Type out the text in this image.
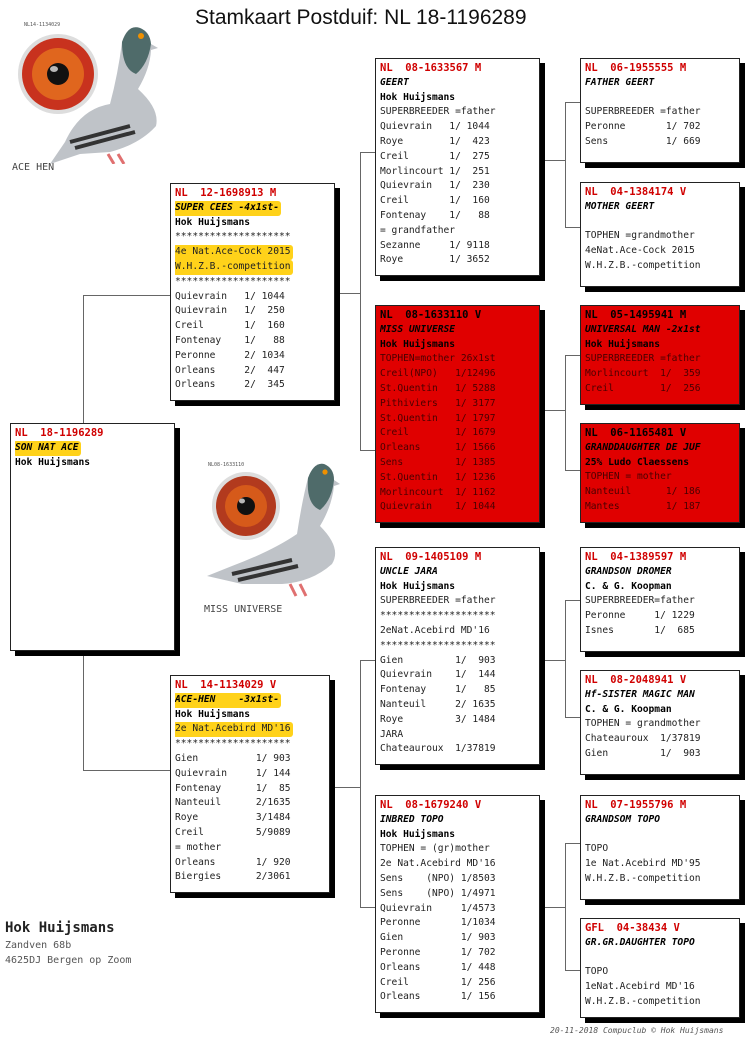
Stamkaart Postduif: NL 18-1196289
NL14-1134029
ACE HEN
NL08-1633110
MISS UNIVERSE
NL  18-1196289
SON NAT ACE
Hok Huijsmans
NL  12-1698913 M
SUPER CEES -4x1st-
Hok Huijsmans
********************
4e Nat.Ace-Cock 2015
W.H.Z.B.-competition
********************
Quievrain   1/ 1044
Quievrain   1/  250
Creil       1/  160
Fontenay    1/   88
Peronne     2/ 1034
Orleans     2/  447
Orleans     2/  345
NL  14-1134029 V
ACE-HEN    -3x1st-
Hok Huijsmans
2e Nat.Acebird MD'16
********************
Gien          1/ 903
Quievrain     1/ 144
Fontenay      1/  85
Nanteuil      2/1635
Roye          3/1484
Creil         5/9089
= mother
Orleans       1/ 920
Biergies      2/3061
NL  08-1633567 M
GEERT
Hok Huijsmans
SUPERBREEDER =father
Quievrain   1/ 1044
Roye        1/  423
Creil       1/  275
Morlincourt 1/  251
Quievrain   1/  230
Creil       1/  160
Fontenay    1/   88
= grandfather
Sezanne     1/ 9118
Roye        1/ 3652
NL  08-1633110 V
MISS UNIVERSE
Hok Huijsmans
TOPHEN=mother 26x1st
Creil(NPO)   1/12496
St.Quentin   1/ 5288
Pithiviers   1/ 3177
St.Quentin   1/ 1797
Creil        1/ 1679
Orleans      1/ 1566
Sens         1/ 1385
St.Quentin   1/ 1236
Morlincourt  1/ 1162
Quievrain    1/ 1044
NL  09-1405109 M
UNCLE JARA
Hok Huijsmans
SUPERBREEDER =father
********************
2eNat.Acebird MD'16
********************
Gien         1/  903
Quievrain    1/  144
Fontenay     1/   85
Nanteuil     2/ 1635
Roye         3/ 1484
JARA
Chateauroux  1/37819
NL  08-1679240 V
INBRED TOPO
Hok Huijsmans
TOPHEN = (gr)mother
2e Nat.Acebird MD'16
Sens    (NPO) 1/8503
Sens    (NPO) 1/4971
Quievrain     1/4573
Peronne       1/1034
Gien          1/ 903
Peronne       1/ 702
Orleans       1/ 448
Creil         1/ 256
Orleans       1/ 156
NL  06-1955555 M
FATHER GEERT

SUPERBREEDER =father
Peronne       1/ 702
Sens          1/ 669
NL  04-1384174 V
MOTHER GEERT

TOPHEN =grandmother
4eNat.Ace-Cock 2015
W.H.Z.B.-competition
NL  05-1495941 M
UNIVERSAL MAN -2x1st
Hok Huijsmans
SUPERBREEDER =father
Morlincourt  1/  359
Creil        1/  256
NL  06-1165481 V
GRANDDAUGHTER DE JUF
25% Ludo Claessens
TOPHEN = mother
Nanteuil      1/ 186
Mantes        1/ 187
NL  04-1389597 M
GRANDSON DROMER
C. & G. Koopman
SUPERBREEDER=father
Peronne     1/ 1229
Isnes       1/  685
NL  08-2048941 V
Hf-SISTER MAGIC MAN
C. & G. Koopman
TOPHEN = grandmother
Chateauroux  1/37819
Gien         1/  903
NL  07-1955796 M
GRANDSOM TOPO

TOPO
1e Nat.Acebird MD'95
W.H.Z.B.-competition
GFL  04-38434 V
GR.GR.DAUGHTER TOPO

TOPO
1eNat.Acebird MD'16
W.H.Z.B.-competition
Hok Huijsmans
Zandven 68b
4625DJ Bergen op Zoom
20-11-2018 Compuclub © Hok Huijsmans
